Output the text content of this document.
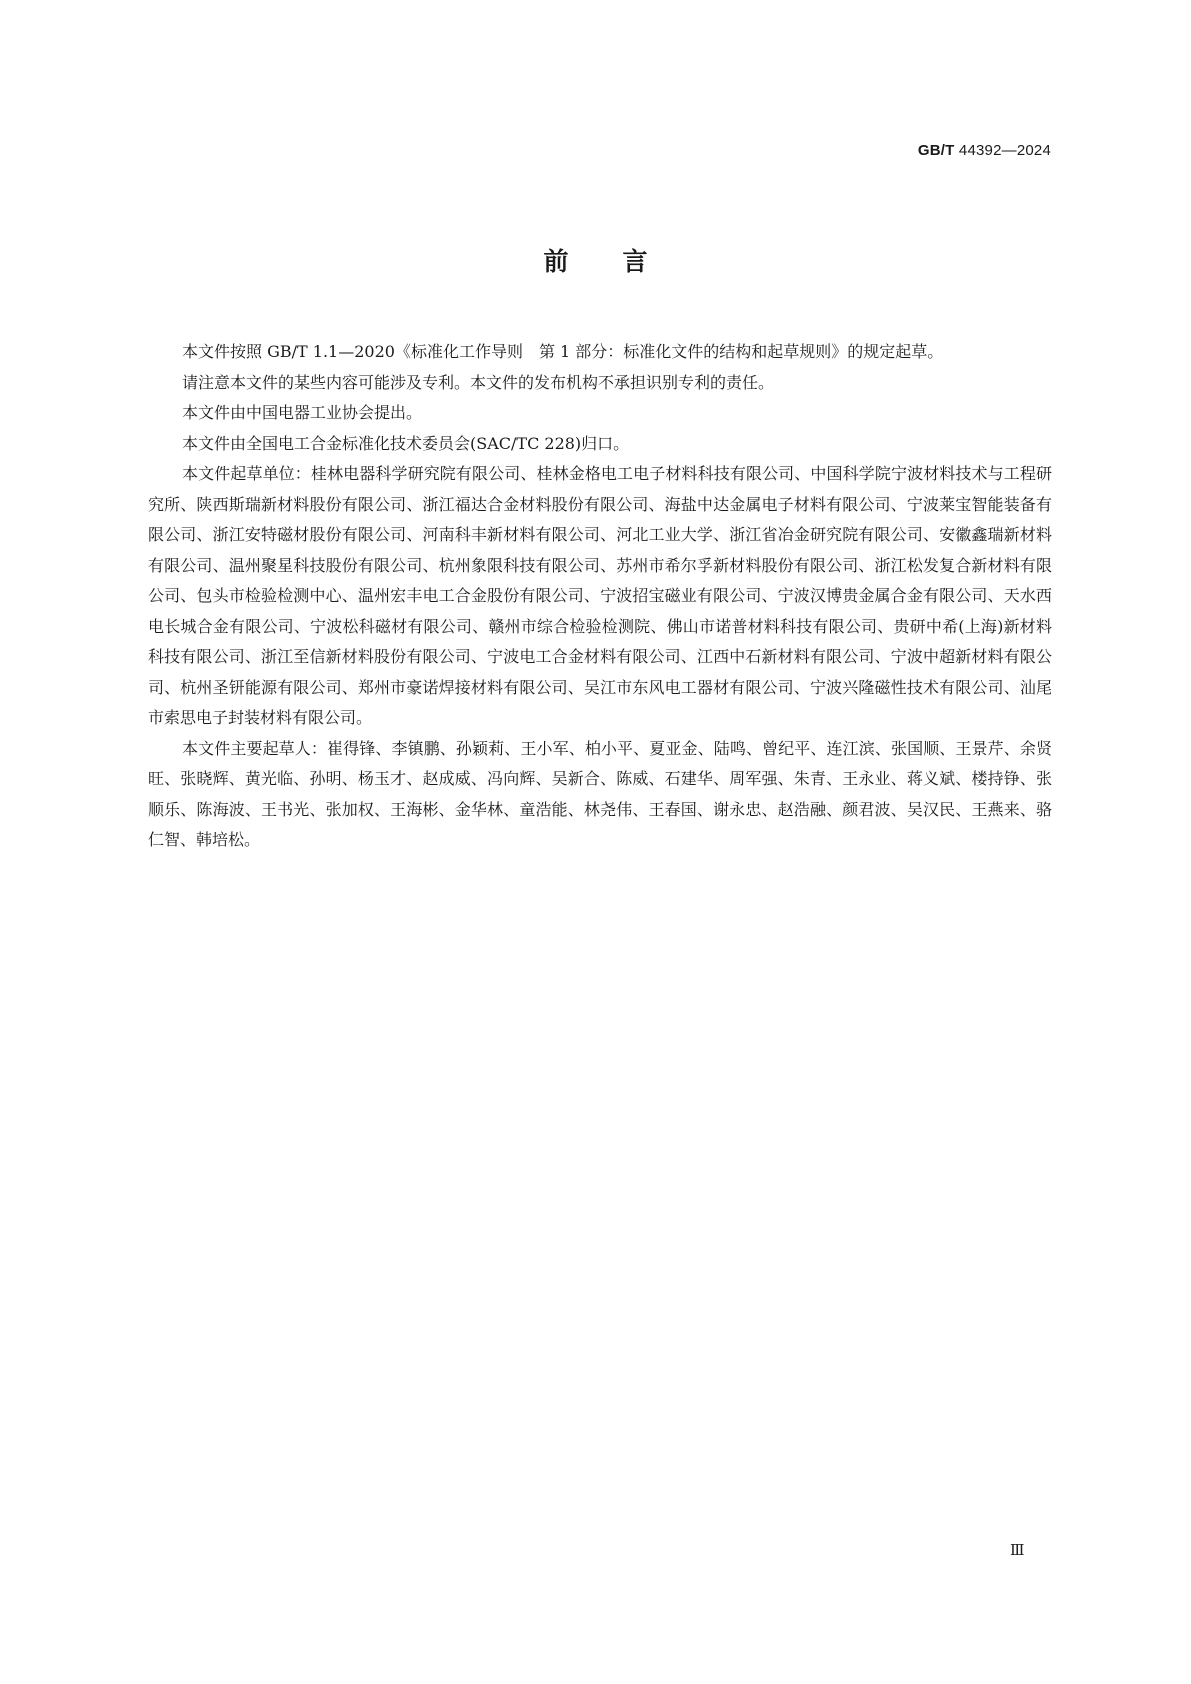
GB/T 44392—2024
前言

本文件按照 GB/T 1.1—2020《标准化工作导则　第 1 部分：标准化文件的结构和起草规则》的规定起草。

请注意本文件的某些内容可能涉及专利。本文件的发布机构不承担识别专利的责任。

本文件由中国电器工业协会提出。

本文件由全国电工合金标准化技术委员会(SAC/TC 228)归口。

本文件起草单位：桂林电器科学研究院有限公司、桂林金格电工电子材料科技有限公司、中国科学院宁波材料技术与工程研究所、陕西斯瑞新材料股份有限公司、浙江福达合金材料股份有限公司、海盐中达金属电子材料有限公司、宁波莱宝智能装备有限公司、浙江安特磁材股份有限公司、河南科丰新材料有限公司、河北工业大学、浙江省冶金研究院有限公司、安徽鑫瑞新材料有限公司、温州聚星科技股份有限公司、杭州象限科技有限公司、苏州市希尔孚新材料股份有限公司、浙江松发复合新材料有限公司、包头市检验检测中心、温州宏丰电工合金股份有限公司、宁波招宝磁业有限公司、宁波汉博贵金属合金有限公司、天水西电长城合金有限公司、宁波松科磁材有限公司、赣州市综合检验检测院、佛山市诺普材料科技有限公司、贵研中希(上海)新材料科技有限公司、浙江至信新材料股份有限公司、宁波电工合金材料有限公司、江西中石新材料有限公司、宁波中超新材料有限公司、杭州圣钘能源有限公司、郑州市豪诺焊接材料有限公司、吴江市东风电工器材有限公司、宁波兴隆磁性技术有限公司、汕尾市索思电子封装材料有限公司。

本文件主要起草人：崔得锋、李镇鹏、孙颖莉、王小军、柏小平、夏亚金、陆鸣、曾纪平、连江滨、张国顺、王景芹、余贤旺、张晓辉、黄光临、孙明、杨玉才、赵成威、冯向辉、吴新合、陈威、石建华、周军强、朱青、王永业、蒋义斌、楼持铮、张顺乐、陈海波、王书光、张加权、王海彬、金华林、童浩能、林尧伟、王春国、谢永忠、赵浩融、颜君波、吴汉民、王燕来、骆仁智、韩培松。

Ⅲ
